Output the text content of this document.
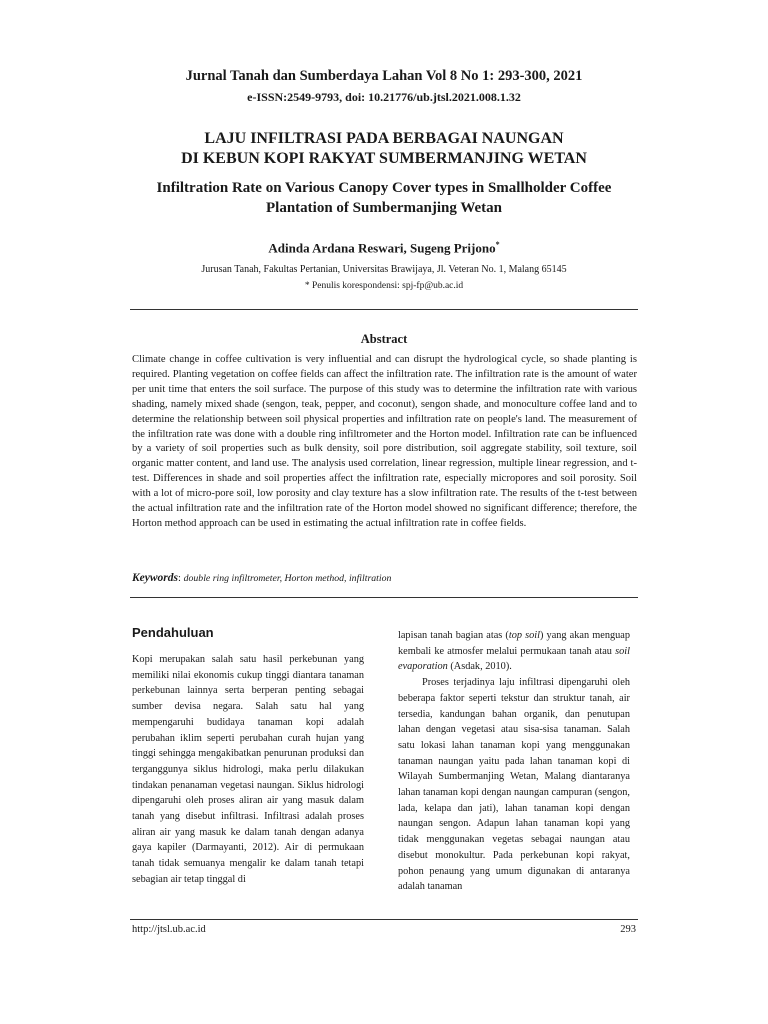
Jurnal Tanah dan Sumberdaya Lahan Vol 8 No 1: 293-300, 2021
e-ISSN:2549-9793, doi: 10.21776/ub.jtsl.2021.008.1.32
LAJU INFILTRASI PADA BERBAGAI NAUNGAN
DI KEBUN KOPI RAKYAT SUMBERMANJING WETAN
Infiltration Rate on Various Canopy Cover types in Smallholder Coffee
Plantation of Sumbermanjing Wetan
Adinda Ardana Reswari, Sugeng Prijono*
Jurusan Tanah, Fakultas Pertanian, Universitas Brawijaya, Jl. Veteran No. 1, Malang 65145
* Penulis korespondensi: spj-fp@ub.ac.id
Abstract

Climate change in coffee cultivation is very influential and can disrupt the hydrological cycle, so shade planting is required. Planting vegetation on coffee fields can affect the infiltration rate. The infiltration rate is the amount of water per unit time that enters the soil surface. The purpose of this study was to determine the infiltration rate with various shading, namely mixed shade (sengon, teak, pepper, and coconut), sengon shade, and monoculture coffee land and to determine the relationship between soil physical properties and infiltration rate on people's land. The measurement of the infiltration rate was done with a double ring infiltrometer and the Horton model. Infiltration rate can be influenced by a variety of soil properties such as bulk density, soil pore distribution, soil aggregate stability, soil texture, soil organic matter content, and land use. The analysis used correlation, linear regression, multiple linear regression, and t-test. Differences in shade and soil properties affect the infiltration rate, especially micropores and soil porosity. Soil with a lot of micro-pore soil, low porosity and clay texture has a slow infiltration rate. The results of the t-test between the actual infiltration rate and the infiltration rate of the Horton model showed no significant difference; therefore, the Horton method approach can be used in estimating the actual infiltration rate in coffee fields.

Keywords: double ring infiltrometer, Horton method, infiltration
Pendahuluan

Kopi merupakan salah satu hasil perkebunan yang memiliki nilai ekonomis cukup tinggi diantara tanaman perkebunan lainnya serta berperan penting sebagai sumber devisa negara. Salah satu hal yang mempengaruhi budidaya tanaman kopi adalah perubahan iklim seperti perubahan curah hujan yang tinggi sehingga mengakibatkan penurunan produksi dan terganggunya siklus hidrologi, maka perlu dilakukan tindakan penanaman vegetasi naungan. Siklus hidrologi dipengaruhi oleh proses aliran air yang masuk dalam tanah yang disebut infiltrasi. Infiltrasi adalah proses aliran air yang masuk ke dalam tanah dengan adanya gaya kapiler (Darmayanti, 2012). Air di permukaan tanah tidak semuanya mengalir ke dalam tanah tetapi sebagian air tetap tinggal di

lapisan tanah bagian atas (top soil) yang akan menguap kembali ke atmosfer melalui permukaan tanah atau soil evaporation (Asdak, 2010).

Proses terjadinya laju infiltrasi dipengaruhi oleh beberapa faktor seperti tekstur dan struktur tanah, air tersedia, kandungan bahan organik, dan penutupan lahan dengan vegetasi atau sisa-sisa tanaman. Salah satu lokasi lahan tanaman kopi yang menggunakan tanaman naungan yaitu pada lahan tanaman kopi di Wilayah Sumbermanjing Wetan, Malang diantaranya lahan tanaman kopi dengan naungan campuran (sengon, lada, kelapa dan jati), lahan tanaman kopi dengan naungan sengon. Adapun lahan tanaman kopi yang tidak menggunakan vegetas sebagai naungan atau disebut monokultur. Pada perkebunan kopi rakyat, pohon penaung yang umum digunakan di antaranya adalah tanaman

http://jtsl.ub.ac.id	293
